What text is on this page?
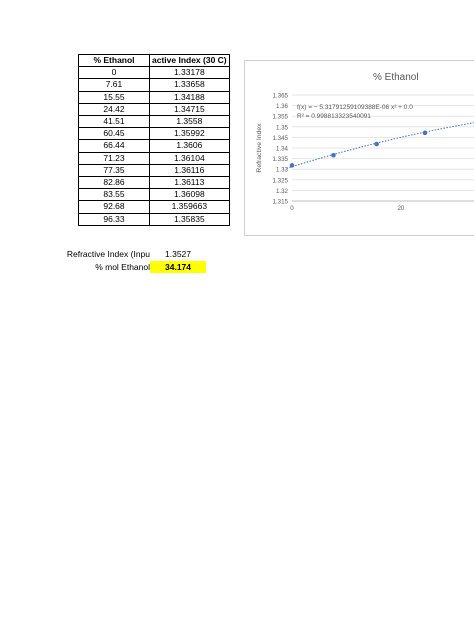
% Ethanol	active Index (30 C)
0	1.33178
7.61	1.33658
15.55	1.34188
24.42	1.34715
41.51	1.3558
60.45	1.35992
66.44	1.3606
71.23	1.36104
77.35	1.36116
82.86	1.36113
83.55	1.36098
92.68	1.359663
96.33	1.35835
% Ethanol
1.315
1.32
1.325
1.33
1.335
1.34
1.345
1.35
1.355
1.36
1.365
0	20
Refractive Index
f(x) = − 5.31791259109388E-06 x² + 0.0
R² = 0.998813323540091
Refractive Index (Inpu	1.3527
% mol Ethanol	34.174
